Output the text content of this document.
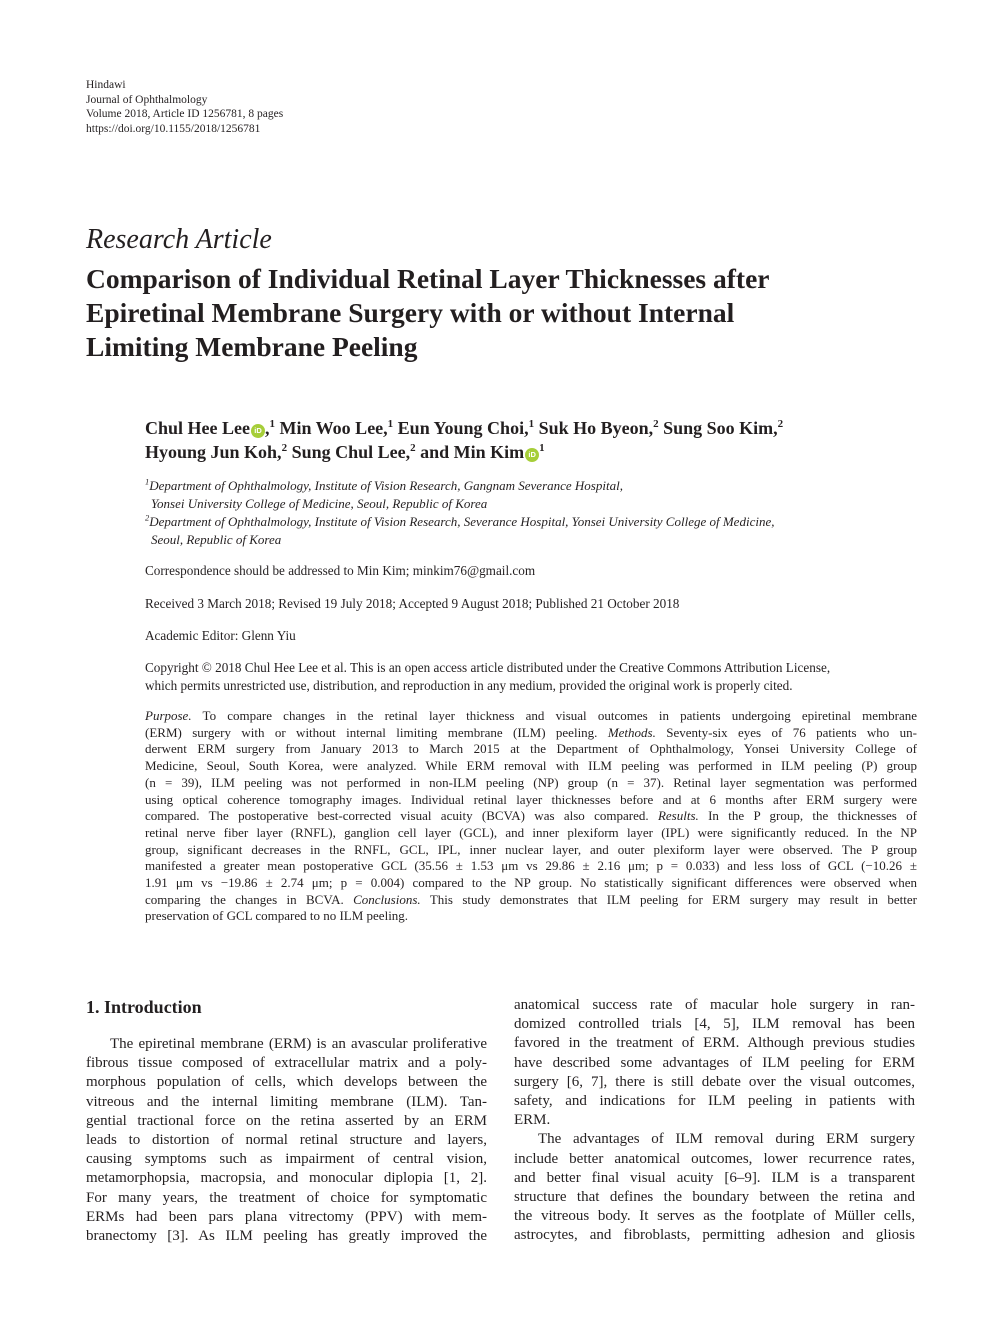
Hindawi
Journal of Ophthalmology
Volume 2018, Article ID 1256781, 8 pages
https://doi.org/10.1155/2018/1256781
Research Article
Comparison of Individual Retinal Layer Thicknesses after
Epiretinal Membrane Surgery with or without Internal
Limiting Membrane Peeling
Chul Hee Lee iD ,$^1$ Min Woo Lee,$^1$ Eun Young Choi,$^1$ Suk Ho Byeon,$^2$ Sung Soo Kim,$^2$
Hyoung Jun Koh,$^2$ Sung Chul Lee,$^2$ and Min Kim $iD^1$
$^1$Department of Ophthalmology, Institute of Vision Research, Gangnam Severance Hospital,
Yonsei University College of Medicine, Seoul, Republic of Korea
$^2$Department of Ophthalmology, Institute of Vision Research, Severance Hospital, Yonsei University College of Medicine,
Seoul, Republic of Korea
Correspondence should be addressed to Min Kim; minkim76@gmail.com
Received 3 March 2018; Revised 19 July 2018; Accepted 9 August 2018; Published 21 October 2018
Academic Editor: Glenn Yiu
Copyright © 2018 Chul Hee Lee et al. This is an open access article distributed under the Creative Commons Attribution License,
which permits unrestricted use, distribution, and reproduction in any medium, provided the original work is properly cited.
Purpose. To compare changes in the retinal layer thickness and visual outcomes in patients undergoing epiretinal membrane
(ERM) surgery with or without internal limiting membrane (ILM) peeling. Methods. Seventy-six eyes of 76 patients who un-
derwent ERM surgery from January 2013 to March 2015 at the Department of Ophthalmology, Yonsei University College of
Medicine, Seoul, South Korea, were analyzed. While ERM removal with ILM peeling was performed in ILM peeling (P) group
(n = 39), ILM peeling was not performed in non-ILM peeling (NP) group (n = 37). Retinal layer segmentation was performed
using optical coherence tomography images. Individual retinal layer thicknesses before and at 6 months after ERM surgery were
compared. The postoperative best-corrected visual acuity (BCVA) was also compared. Results. In the P group, the thicknesses of
retinal nerve fiber layer (RNFL), ganglion cell layer (GCL), and inner plexiform layer (IPL) were significantly reduced. In the NP
group, significant decreases in the RNFL, GCL, IPL, inner nuclear layer, and outer plexiform layer were observed. The P group
manifested a greater mean postoperative GCL (35.56 ± 1.53 μm vs 29.86 ± 2.16 μm; p = 0.033) and less loss of GCL (−10.26 ±
1.91 μm vs −19.86 ± 2.74 μm; p = 0.004) compared to the NP group. No statistically significant differences were observed when
comparing the changes in BCVA. Conclusions. This study demonstrates that ILM peeling for ERM surgery may result in better
preservation of GCL compared to no ILM peeling.
1. Introduction
The epiretinal membrane (ERM) is an avascular proliferative
fibrous tissue composed of extracellular matrix and a poly-
morphous population of cells, which develops between the
vitreous and the internal limiting membrane (ILM). Tan-
gential tractional force on the retina asserted by an ERM
leads to distortion of normal retinal structure and layers,
causing symptoms such as impairment of central vision,
metamorphopsia, macropsia, and monocular diplopia [1, 2].
For many years, the treatment of choice for symptomatic
ERMs had been pars plana vitrectomy (PPV) with mem-
branectomy [3]. As ILM peeling has greatly improved the
anatomical success rate of macular hole surgery in ran-
domized controlled trials [4, 5], ILM removal has been
favored in the treatment of ERM. Although previous studies
have described some advantages of ILM peeling for ERM
surgery [6, 7], there is still debate over the visual outcomes,
safety, and indications for ILM peeling in patients with
ERM.
The advantages of ILM removal during ERM surgery
include better anatomical outcomes, lower recurrence rates,
and better final visual acuity [6–9]. ILM is a transparent
structure that defines the boundary between the retina and
the vitreous body. It serves as the footplate of Müller cells,
astrocytes, and fibroblasts, permitting adhesion and gliosis
